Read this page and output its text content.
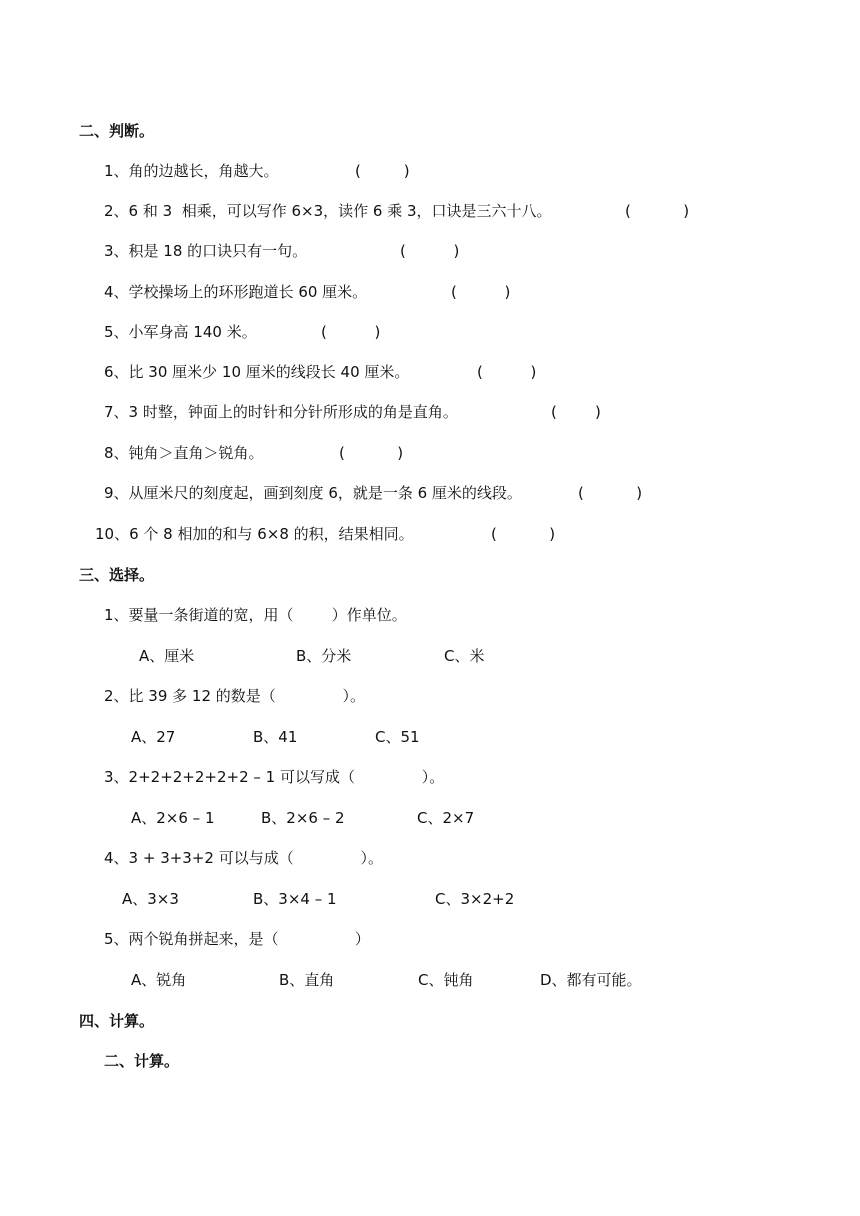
二、判断。
1、角的边越长，角越大。	(         )
2、6 和 3  相乘，可以写作 6×3，读作 6 乘 3，口诀是三六十八。	(           )
3、积是 18 的口诀只有一句。	(          )
4、学校操场上的环形跑道长 60 厘米。	(          )
5、小军身高 140 米。	(          )
6、比 30 厘米少 10 厘米的线段长 40 厘米。	(          )
7、3 时整，钟面上的时针和分针所形成的角是直角。	(        )
8、钝角＞直角＞锐角。	(           )
9、从厘米尺的刻度起，画到刻度 6，就是一条 6 厘米的线段。	(           )
10、6 个 8 相加的和与 6×8 的积，结果相同。	(           )
三、选择。
1、要量一条街道的宽，用（        ）作单位。
A、厘米	B、分米	C、米
2、比 39 多 12 的数是（              ）。
A、27	B、41	C、51
3、2+2+2+2+2+2 – 1 可以写成（              ）。
A、2×6 – 1	B、2×6 – 2	C、2×7
4、3 + 3+3+2 可以与成（              ）。
A、3×3	B、3×4 – 1	C、3×2+2
5、两个锐角拼起来，是（                ）
A、锐角	B、直角	C、钝角	D、都有可能。
四、计算。
二、计算。
